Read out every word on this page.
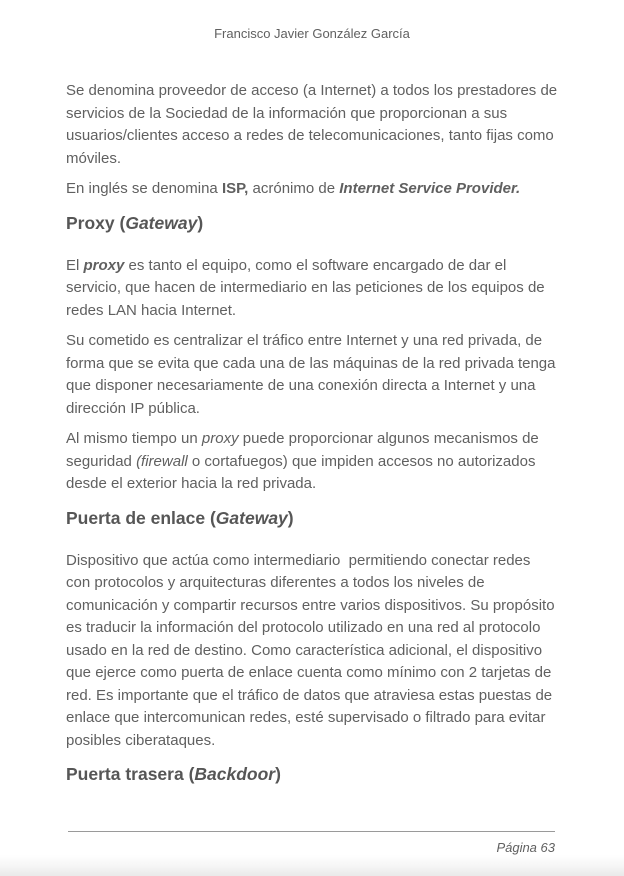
Francisco Javier González García

Se denomina proveedor de acceso (a Internet) a todos los prestadores de servicios de la Sociedad de la información que proporcionan a sus usuarios/clientes acceso a redes de telecomunicaciones, tanto fijas como móviles.

En inglés se denomina ISP, acrónimo de Internet Service Provider.

Proxy (Gateway)

El proxy es tanto el equipo, como el software encargado de dar el servicio, que hacen de intermediario en las peticiones de los equipos de redes LAN hacia Internet.

Su cometido es centralizar el tráfico entre Internet y una red privada, de forma que se evita que cada una de las máquinas de la red privada tenga que disponer necesariamente de una conexión directa a Internet y una dirección IP pública.

Al mismo tiempo un proxy puede proporcionar algunos mecanismos de seguridad (firewall o cortafuegos) que impiden accesos no autorizados desde el exterior hacia la red privada.

Puerta de enlace (Gateway)

Dispositivo que actúa como intermediario  permitiendo conectar redes con protocolos y arquitecturas diferentes a todos los niveles de comunicación y compartir recursos entre varios dispositivos. Su propósito es traducir la información del protocolo utilizado en una red al protocolo usado en la red de destino. Como característica adicional, el dispositivo que ejerce como puerta de enlace cuenta como mínimo con 2 tarjetas de red. Es importante que el tráfico de datos que atraviesa estas puestas de enlace que intercomunican redes, esté supervisado o filtrado para evitar posibles ciberataques.

Puerta trasera (Backdoor)
Página 63
